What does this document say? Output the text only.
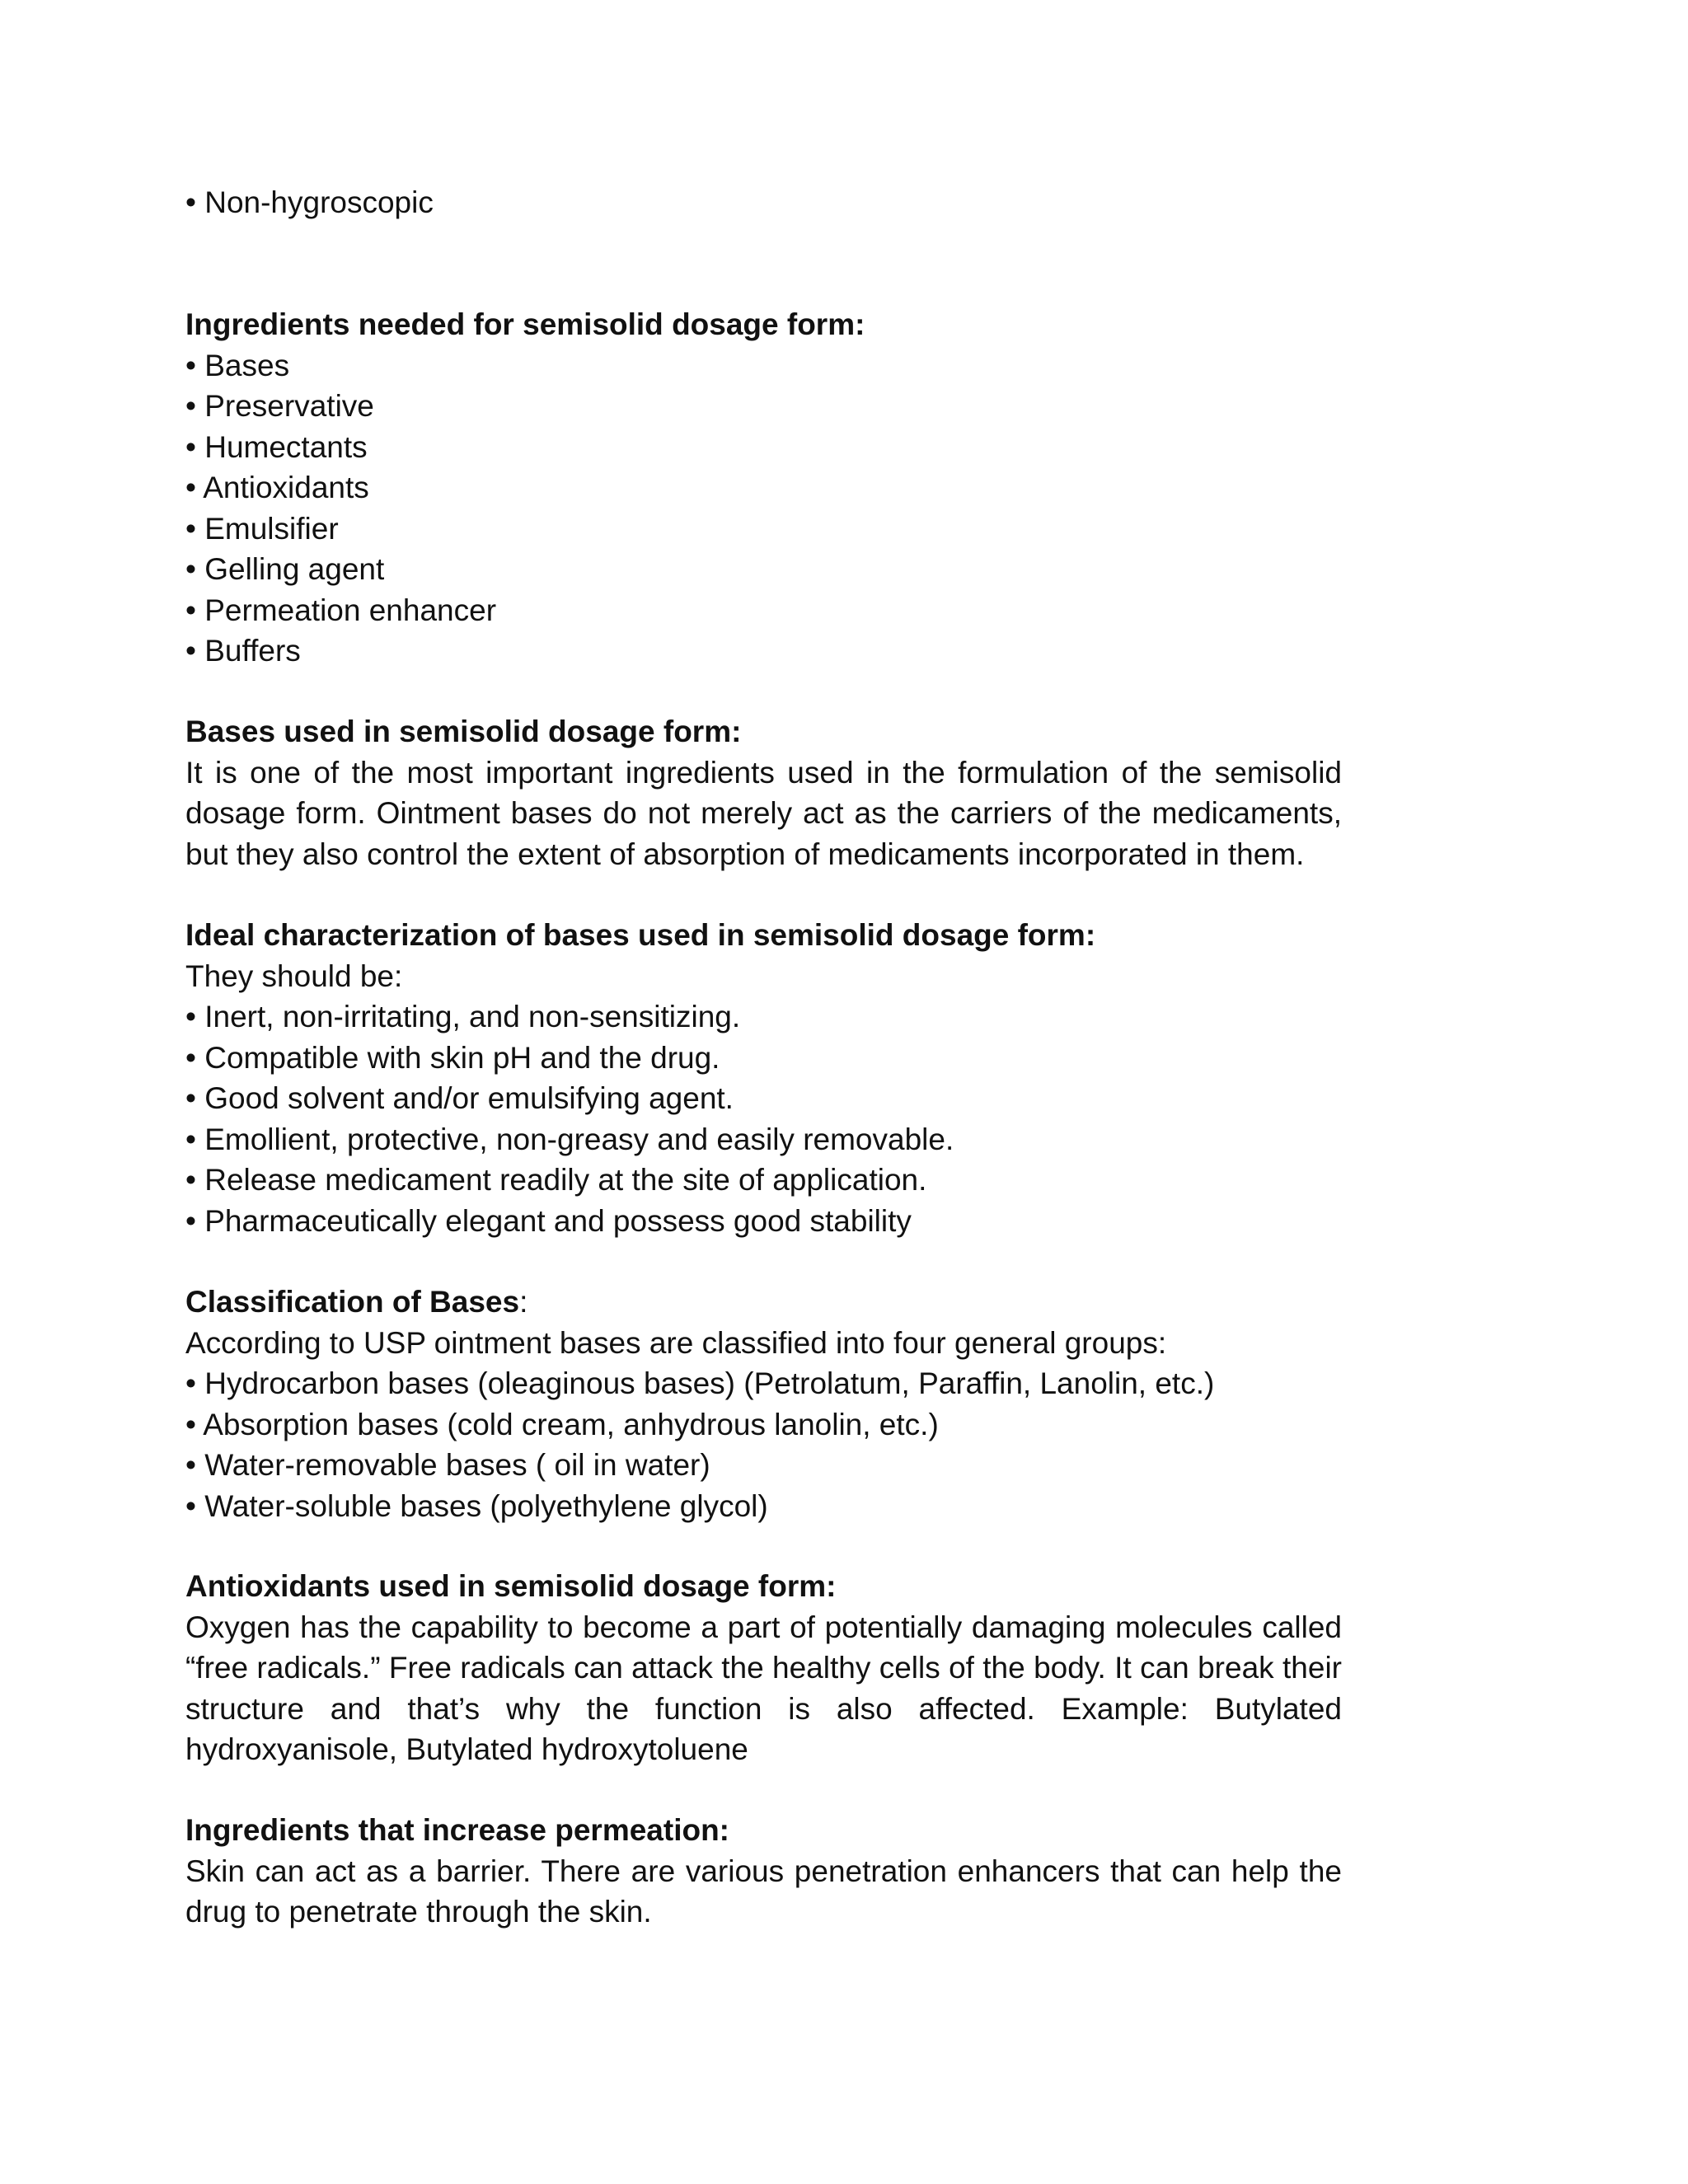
• Non-hygroscopic
Ingredients needed for semisolid dosage form:
• Bases
• Preservative
• Humectants
• Antioxidants
• Emulsifier
• Gelling agent
• Permeation enhancer
• Buffers
Bases used in semisolid dosage form:
It is one of the most important ingredients used in the formulation of the semisolid dosage form. Ointment bases do not merely act as the carriers of the medicaments, but they also control the extent of absorption of medicaments incorporated in them.
Ideal characterization of bases used in semisolid dosage form:
They should be:
• Inert, non-irritating, and non-sensitizing.
• Compatible with skin pH and the drug.
• Good solvent and/or emulsifying agent.
• Emollient, protective, non-greasy and easily removable.
• Release medicament readily at the site of application.
• Pharmaceutically elegant and possess good stability
Classification of Bases:
According to USP ointment bases are classified into four general groups:
• Hydrocarbon bases (oleaginous bases) (Petrolatum, Paraffin, Lanolin, etc.)
• Absorption bases (cold cream, anhydrous lanolin, etc.)
• Water-removable bases ( oil in water)
• Water-soluble bases (polyethylene glycol)
Antioxidants used in semisolid dosage form:
Oxygen has the capability to become a part of potentially damaging molecules called “free radicals.” Free radicals can attack the healthy cells of the body. It can break their structure and that’s why the function is also affected. Example: Butylated hydroxyanisole, Butylated hydroxytoluene
Ingredients that increase permeation:
Skin can act as a barrier. There are various penetration enhancers that can help the drug to penetrate through the skin.
